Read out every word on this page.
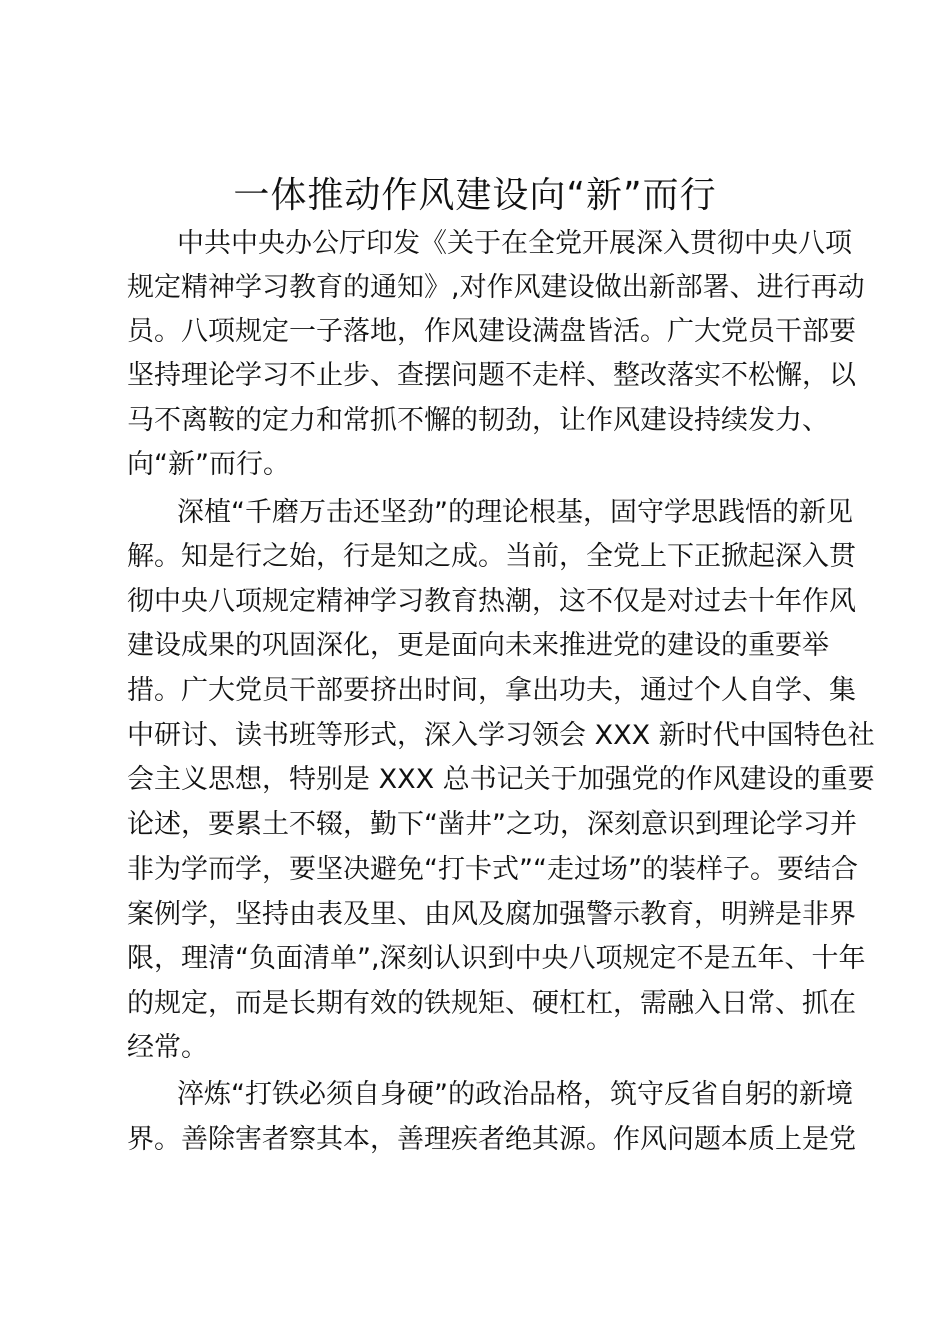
一体推动作风建设向“新”而行

中共中央办公厅印发《关于在全党开展深入贯彻中央八项

规定精神学习教育的通知》,对作风建设做出新部署、进行再动

员。八项规定一子落地，作风建设满盘皆活。广大党员干部要

坚持理论学习不止步、查摆问题不走样、整改落实不松懈，以

马不离鞍的定力和常抓不懈的韧劲，让作风建设持续发力、

向“新”而行。

深植“千磨万击还坚劲”的理论根基，固守学思践悟的新见

解。知是行之始，行是知之成。当前，全党上下正掀起深入贯

彻中央八项规定精神学习教育热潮，这不仅是对过去十年作风

建设成果的巩固深化，更是面向未来推进党的建设的重要举

措。广大党员干部要挤出时间，拿出功夫，通过个人自学、集

中研讨、读书班等形式，深入学习领会 XXX 新时代中国特色社

会主义思想，特别是 XXX 总书记关于加强党的作风建设的重要

论述，要累土不辍，勤下“凿井”之功，深刻意识到理论学习并

非为学而学，要坚决避免“打卡式”“走过场”的装样子。要结合

案例学，坚持由表及里、由风及腐加强警示教育，明辨是非界

限，理清“负面清单”,深刻认识到中央八项规定不是五年、十年

的规定，而是长期有效的铁规矩、硬杠杠，需融入日常、抓在

经常。

淬炼“打铁必须自身硬”的政治品格，筑守反省自躬的新境

界。善除害者察其本，善理疾者绝其源。作风问题本质上是党
